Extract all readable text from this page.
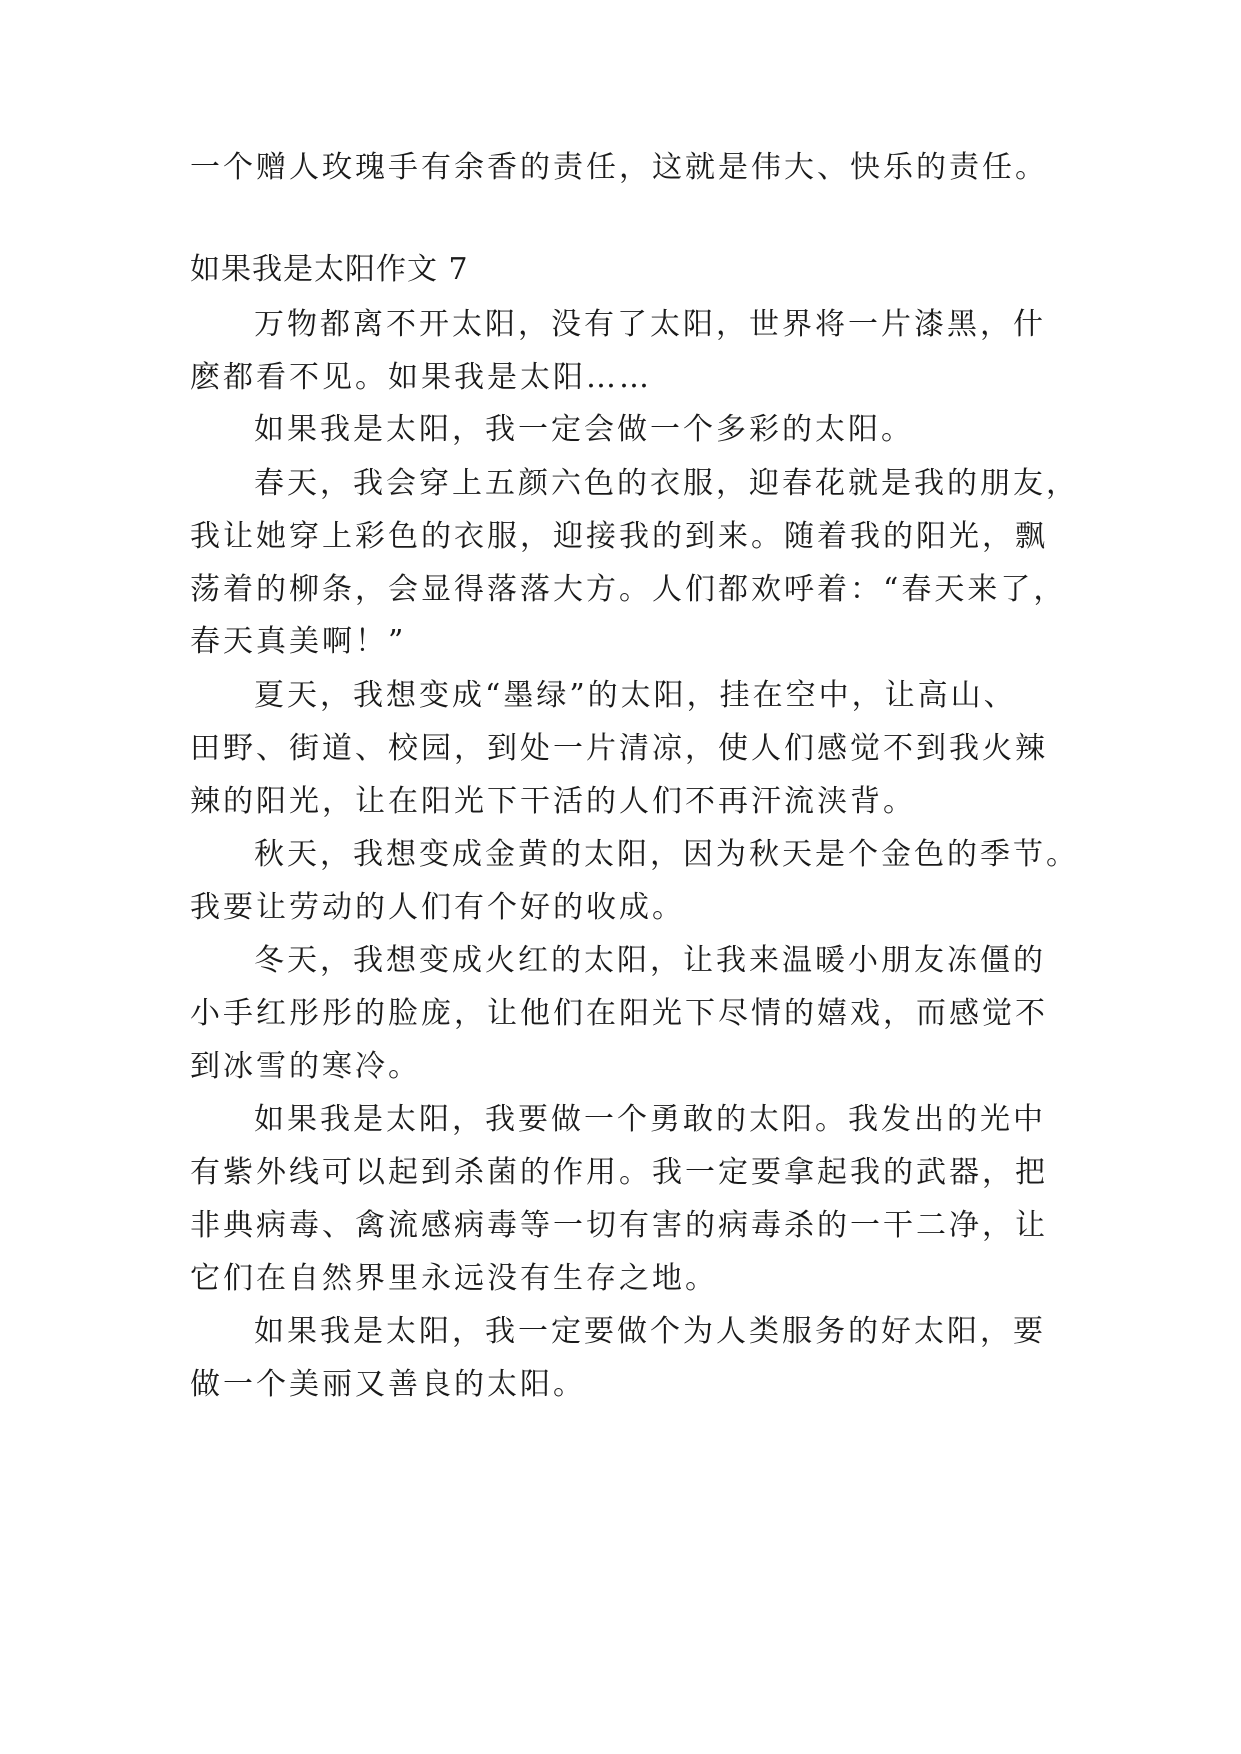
一个赠人玫瑰手有余香的责任，这就是伟大、快乐的责任。
如果我是太阳作文 7
万物都离不开太阳，没有了太阳，世界将一片漆黑，什
麽都看不见。如果我是太阳……
如果我是太阳，我一定会做一个多彩的太阳。
春天，我会穿上五颜六色的衣服，迎春花就是我的朋友，
我让她穿上彩色的衣服，迎接我的到来。随着我的阳光，飘
荡着的柳条，会显得落落大方。人们都欢呼着：“春天来了，
春天真美啊！”
夏天，我想变成“墨绿”的太阳，挂在空中，让高山、
田野、街道、校园，到处一片清凉，使人们感觉不到我火辣
辣的阳光，让在阳光下干活的人们不再汗流浃背。
秋天，我想变成金黄的太阳，因为秋天是个金色的季节。
我要让劳动的人们有个好的收成。
冬天，我想变成火红的太阳，让我来温暖小朋友冻僵的
小手红彤彤的脸庞，让他们在阳光下尽情的嬉戏，而感觉不
到冰雪的寒冷。
如果我是太阳，我要做一个勇敢的太阳。我发出的光中
有紫外线可以起到杀菌的作用。我一定要拿起我的武器，把
非典病毒、禽流感病毒等一切有害的病毒杀的一干二净，让
它们在自然界里永远没有生存之地。
如果我是太阳，我一定要做个为人类服务的好太阳，要
做一个美丽又善良的太阳。
